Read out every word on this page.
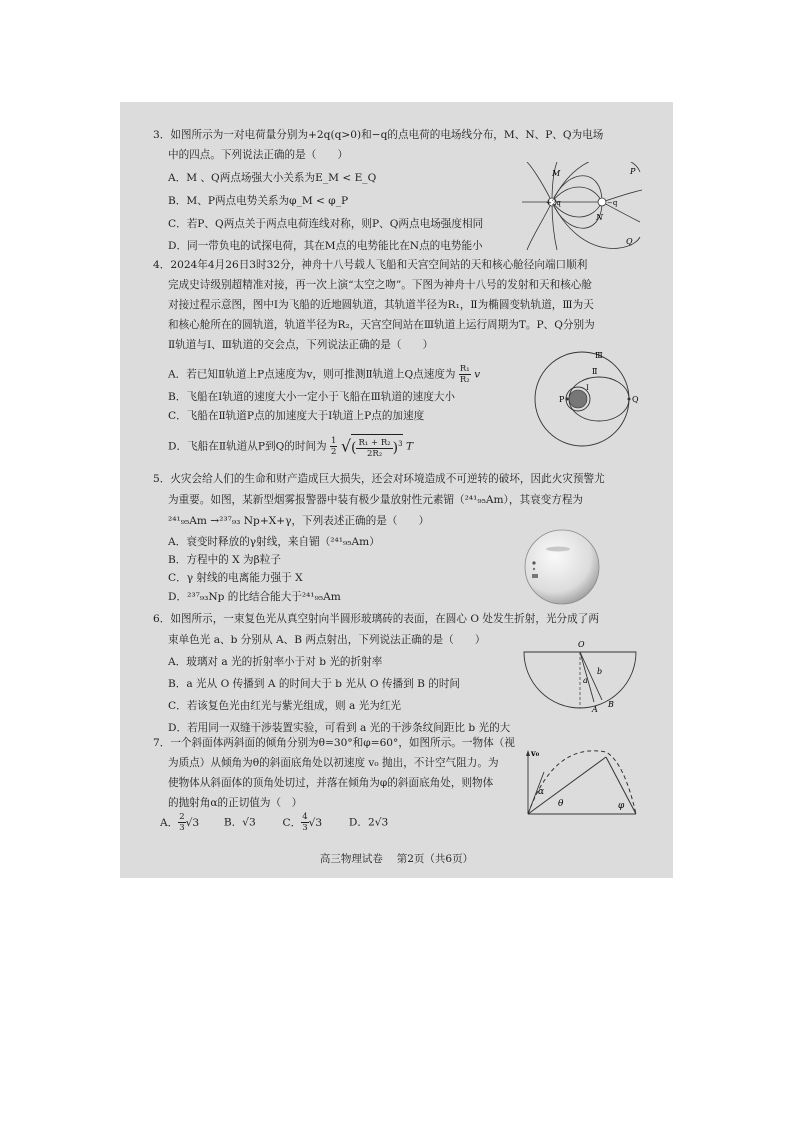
3．如图所示为一对电荷量分别为+2q(q>0)和−q的点电荷的电场线分布，M、N、P、Q为电场
中的四点。下列说法正确的是（　　）
A．M 、Q两点场强大小关系为E_M < E_Q
B．M、P两点电势关系为φ_M < φ_P
C．若P、Q两点关于两点电荷连线对称，则P、Q两点电场强度相同
D．同一带负电的试探电荷，其在M点的电势能比在N点的电势能小
+2q	−q
M	P
N
Q
4．2024年4月26日3时32分，神舟十八号载人飞船和天宫空间站的天和核心舱径向端口顺利
完成史诗级别超精准对接，再一次上演“太空之吻”。下图为神舟十八号的发射和天和核心舱
对接过程示意图，图中Ⅰ为飞船的近地圆轨道，其轨道半径为R₁，Ⅱ为椭圆变轨轨道，Ⅲ为天
和核心舱所在的圆轨道，轨道半径为R₂，天宫空间站在Ⅲ轨道上运行周期为T。P、Q分别为
Ⅱ轨道与Ⅰ、Ⅲ轨道的交会点，下列说法正确的是（　　）
A．若已知Ⅱ轨道上P点速度为v，则可推测Ⅱ轨道上Q点速度为 $\frac{\text{R₁}}{\text{R₂}}$ v
B．飞船在Ⅰ轨道的速度大小一定小于飞船在Ⅲ轨道的速度大小
C．飞船在Ⅱ轨道P点的加速度大于Ⅰ轨道上P点的加速度
D．飞船在Ⅱ轨道从P到Q的时间为 $\frac{1}{2}$ √( $\frac{\text{R₁ + R₂}}{\text{2R₂}} )^3$ T
Ⅲ
Ⅱ
Ⅰ
P	Q
5．火灾会给人们的生命和财产造成巨大损失，还会对环境造成不可逆转的破坏，因此火灾预警尤
为重要。如图，某新型烟雾报警器中装有极少量放射性元素镅（²⁴¹₉₅Am），其衰变方程为
²⁴¹₉₅Am →²³⁷₉₃ Np+X+γ，下列表述正确的是（　　）
A．衰变时释放的γ射线，来自镅（²⁴¹₉₅Am）
B．方程中的 X 为β粒子
C．γ 射线的电离能力强于 X
D．²³⁷₉₃Np 的比结合能大于²⁴¹₉₅Am
6．如图所示，一束复色光从真空射向半圆形玻璃砖的表面，在圆心 O 处发生折射，光分成了两
束单色光 a、b 分别从 A、B 两点射出，下列说法正确的是（　　）
A．玻璃对 a 光的折射率小于对 b 光的折射率
B．a 光从 O 传播到 A 的时间大于 b 光从 O 传播到 B 的时间
C．若该复色光由红光与紫光组成，则 a 光为红光
D．若用同一双缝干涉装置实验，可看到 a 光的干涉条纹间距比 b 光的大
O
a
b
A
B
7．一个斜面体两斜面的倾角分别为θ=30°和φ=60°，如图所示。一物体（视
为质点）从倾角为θ的斜面底角处以初速度 v₀ 抛出，不计空气阻力。为
使物体从斜面体的顶角处切过，并落在倾角为φ的斜面底角处，则物体
的抛射角α的正切值为（　）
A． $\frac{2}{3} √3$ B．√3	C． $\frac{4}{3} √3$	D．2√3
v₀
α
θ	φ
高三物理试卷　 第2页（共6页）
